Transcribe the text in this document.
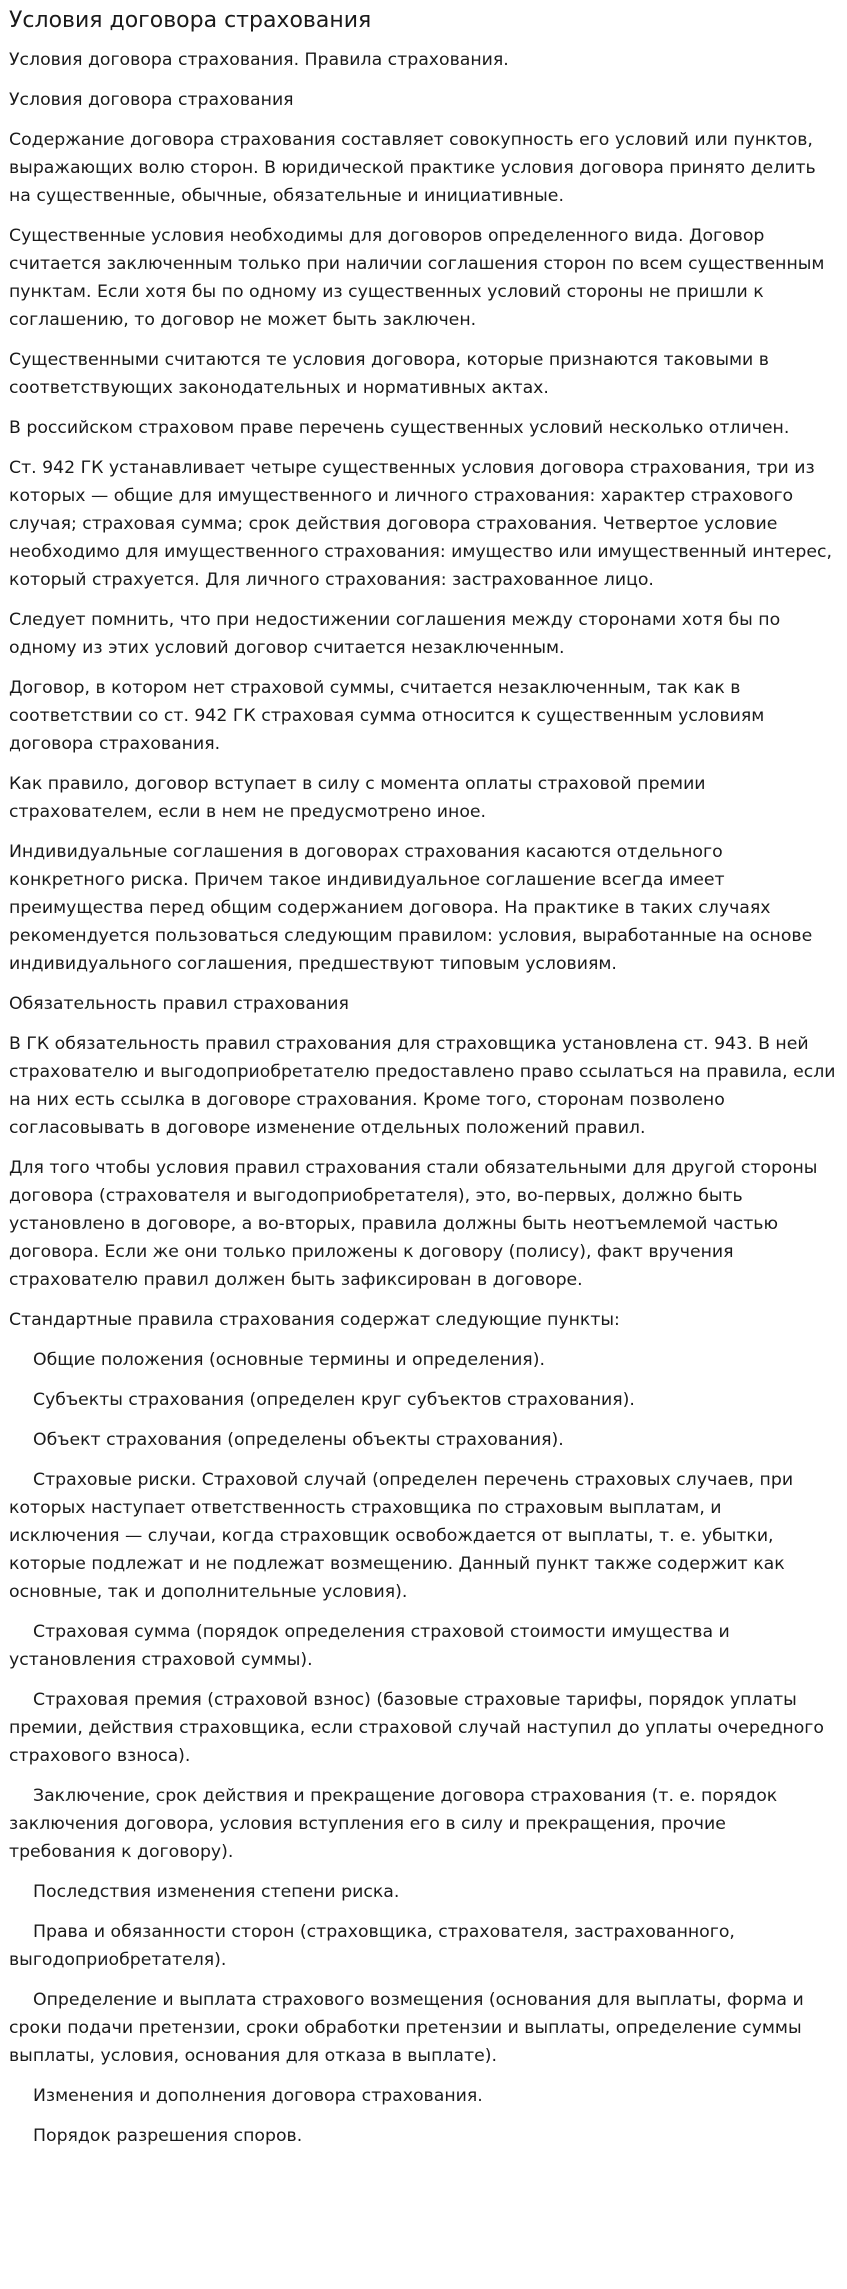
Условия договора страхования

Условия договора страхования. Правила страхования.

Условия договора страхования

Содержание договора страхования составляет совокупность его условий или пунктов, выражающих волю сторон. В юридической практике условия договора принято делить на существенные, обычные, обязательные и инициативные.

Существенные условия необходимы для договоров определенного вида. Договор считается заключенным только при наличии соглашения сторон по всем существенным пунктам. Если хотя бы по одному из существенных условий стороны не пришли к соглашению, то договор не может быть заключен.

Существенными считаются те условия договора, которые признаются таковыми в соответствующих законодательных и нормативных актах.

В российском страховом праве перечень существенных условий несколько отличен.

Ст. 942 ГК устанавливает четыре существенных условия договора страхования, три из которых — общие для имущественного и личного страхования: характер страхового случая; страховая сумма; срок действия договора страхования. Четвертое условие необходимо для имущественного страхования: имущество или имущественный интерес, который страхуется. Для личного страхования: застрахованное лицо.

Следует помнить, что при недостижении соглашения между сторонами хотя бы по одному из этих условий договор считается незаключенным.

Договор, в котором нет страховой суммы, считается незаключенным, так как в соответствии со ст. 942 ГК страховая сумма относится к существенным условиям договора страхования.

Как правило, договор вступает в силу с момента оплаты страховой премии страхователем, если в нем не предусмотрено иное.

Индивидуальные соглашения в договорах страхования касаются отдельного конкретного риска. Причем такое индивидуальное соглашение всегда имеет преимущества перед общим содержанием договора. На практике в таких случаях рекомендуется пользоваться следующим правилом: условия, выработанные на основе индивидуального соглашения, предшествуют типовым условиям.

Обязательность правил страхования

В ГК обязательность правил страхования для страховщика установлена ст. 943. В ней страхователю и выгодоприобретателю предоставлено право ссылаться на правила, если на них есть ссылка в договоре страхования. Кроме того, сторонам позволено согласовывать в договоре изменение отдельных положений правил.

Для того чтобы условия правил страхования стали обязательными для другой стороны договора (страхователя и выгодоприобретателя), это, во-первых, должно быть установлено в договоре, а во-вторых, правила должны быть неотъемлемой частью договора. Если же они только приложены к договору (полису), факт вручения страхователю правил должен быть зафиксирован в договоре.

Стандартные правила страхования содержат следующие пункты:

Общие положения (основные термины и определения).

Субъекты страхования (определен круг субъектов страхования).

Объект страхования (определены объекты страхования).

Страховые риски. Страховой случай (определен перечень страховых случаев, при которых наступает ответственность страховщика по страховым выплатам, и исключения — случаи, когда страховщик освобождается от выплаты, т. е. убытки, которые подлежат и не подлежат возмещению. Данный пункт также содержит как основные, так и дополнительные условия).

Страховая сумма (порядок определения страховой стоимости имущества и установления страховой суммы).

Страховая премия (страховой взнос) (базовые страховые тарифы, порядок уплаты премии, действия страховщика, если страховой случай наступил до уплаты очередного страхового взноса).

Заключение, срок действия и прекращение договора страхования (т. е. порядок заключения договора, условия вступления его в силу и прекращения, прочие требования к договору).

Последствия изменения степени риска.

Права и обязанности сторон (страховщика, страхователя, застрахованного, выгодоприобретателя).

Определение и выплата страхового возмещения (основания для выплаты, форма и сроки подачи претензии, сроки обработки претензии и выплаты, определение суммы выплаты, условия, основания для отказа в выплате).

Изменения и дополнения договора страхования.

Порядок разрешения споров.
